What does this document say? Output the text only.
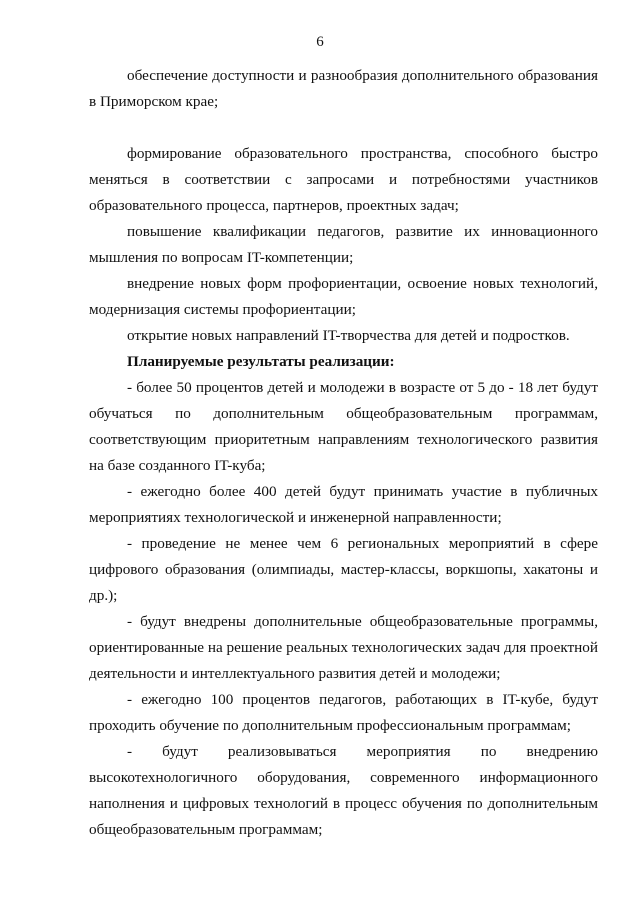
6

обеспечение доступности и разнообразия дополнительного образования в Приморском крае;

формирование образовательного пространства, способного быстро меняться в соответствии с запросами и потребностями участников образовательного процесса, партнеров, проектных задач;

повышение квалификации педагогов, развитие их инновационного мышления по вопросам IT-компетенции;

внедрение новых форм профориентации, освоение новых технологий, модернизация системы профориентации;

открытие новых направлений IT-творчества для детей и подростков.

Планируемые результаты реализации:

- более 50 процентов детей и молодежи в возрасте от 5 до - 18 лет будут обучаться по дополнительным общеобразовательным программам, соответствующим приоритетным направлениям технологического развития на базе созданного IT-куба;

- ежегодно более 400 детей будут принимать участие в публичных мероприятиях технологической и инженерной направленности;

- проведение не менее чем 6 региональных мероприятий в сфере цифрового образования (олимпиады, мастер-классы, воркшопы, хакатоны и др.);

- будут внедрены дополнительные общеобразовательные программы, ориентированные на решение реальных технологических задач для проектной деятельности и интеллектуального развития детей и молодежи;

- ежегодно 100 процентов педагогов, работающих в IT-кубе, будут проходить обучение по дополнительным профессиональным программам;

- будут реализовываться мероприятия по внедрению высокотехнологичного оборудования, современного информационного наполнения и цифровых технологий в процесс обучения по дополнительным общеобразовательным программам;
